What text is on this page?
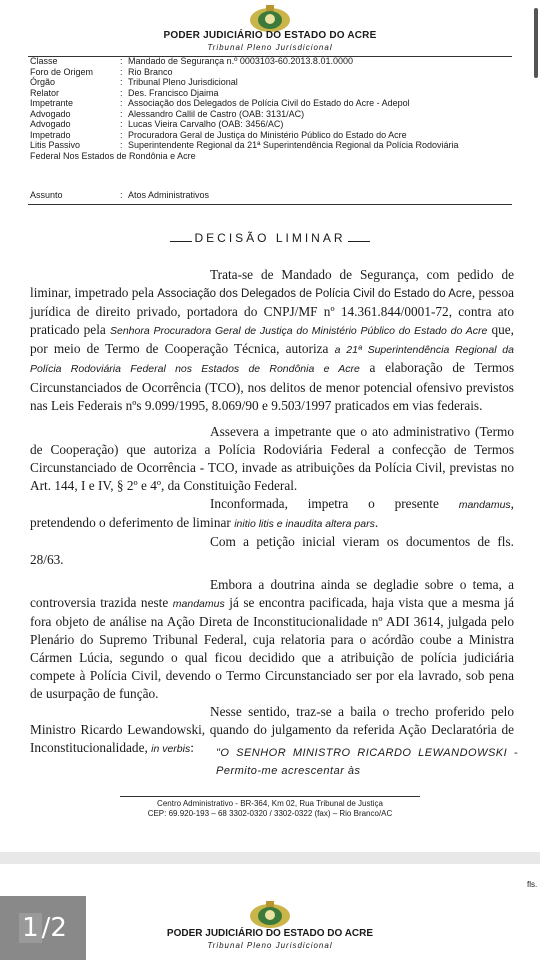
PODER JUDICIÁRIO DO ESTADO DO ACRE
Tribunal Pleno Jurisdicional
Classe	: Mandado de Segurança n.º 0003103-60.2013.8.01.0000
Foro de Origem	: Rio Branco
Órgão	: Tribunal Pleno Jurisdicional
Relator	: Des. Francisco Djaima
Impetrante	: Associação dos Delegados de Polícia Civil do Estado do Acre - Adepol
Advogado	: Alessandro Callil de Castro (OAB: 3131/AC)
Advogado	: Lucas Vieira Carvalho (OAB: 3456/AC)
Impetrado	: Procuradora Geral de Justiça do Ministério Público do Estado do Acre
Litis Passivo	: Superintendente Regional da 21ª Superintendência Regional da Polícia Rodoviária
Federal Nos Estados de Rondônia e Acre
Assunto	: Atos Administrativos
DECISÃO LIMINAR

Trata-se de Mandado de Segurança, com pedido de liminar, impetrado pela Associação dos Delegados de Polícia Civil do Estado do Acre, pessoa jurídica de direito privado, portadora do CNPJ/MF nº 14.361.844/0001-72, contra ato praticado pela Senhora Procuradora Geral de Justiça do Ministério Público do Estado do Acre que, por meio de Termo de Cooperação Técnica, autoriza a 21ª Superintendência Regional da Polícia Rodoviária Federal nos Estados de Rondônia e Acre a elaboração de Termos Circunstanciados de Ocorrência (TCO), nos delitos de menor potencial ofensivo previstos nas Leis Federais nºs 9.099/1995, 8.069/90 e 9.503/1997 praticados em vias federais.

Assevera a impetrante que o ato administrativo (Termo de Cooperação) que autoriza a Polícia Rodoviária Federal a confecção de Termos Circunstanciado de Ocorrência - TCO, invade as atribuições da Polícia Civil, previstas no Art. 144, I e IV, § 2º e 4º, da Constituição Federal.

Inconformada, impetra o presente mandamus, pretendendo o deferimento de liminar initio litis e inaudita altera pars.

Com a petição inicial vieram os documentos de fls. 28/63.

Embora a doutrina ainda se degladie sobre o tema, a controversia trazida neste mandamus já se encontra pacificada, haja vista que a mesma já fora objeto de análise na Ação Direta de Inconstitucionalidade nº ADI 3614, julgada pelo Plenário do Supremo Tribunal Federal, cuja relatoria para o acórdão coube a Ministra Cármen Lúcia, segundo o qual ficou decidido que a atribuição de polícia judiciária compete à Polícia Civil, devendo o Termo Circunstanciado ser por ela lavrado, sob pena de usurpação de função.

Nesse sentido, traz-se a baila o trecho proferido pelo Ministro Ricardo Lewandowski, quando do julgamento da referida Ação Declaratória de Inconstitucionalidade, in verbis:	"O SENHOR MINISTRO RICARDO LEWANDOWSKI - Permito-me acrescentar às

Centro Administrativo - BR-364, Km 02, Rua Tribunal de Justiça
CEP: 69.920-193 – 68 3302-0320 / 3302-0322 (fax) – Rio Branco/AC
fls.
PODER JUDICIÁRIO DO ESTADO DO ACRE
Tribunal Pleno Jurisdicional
1 /2
